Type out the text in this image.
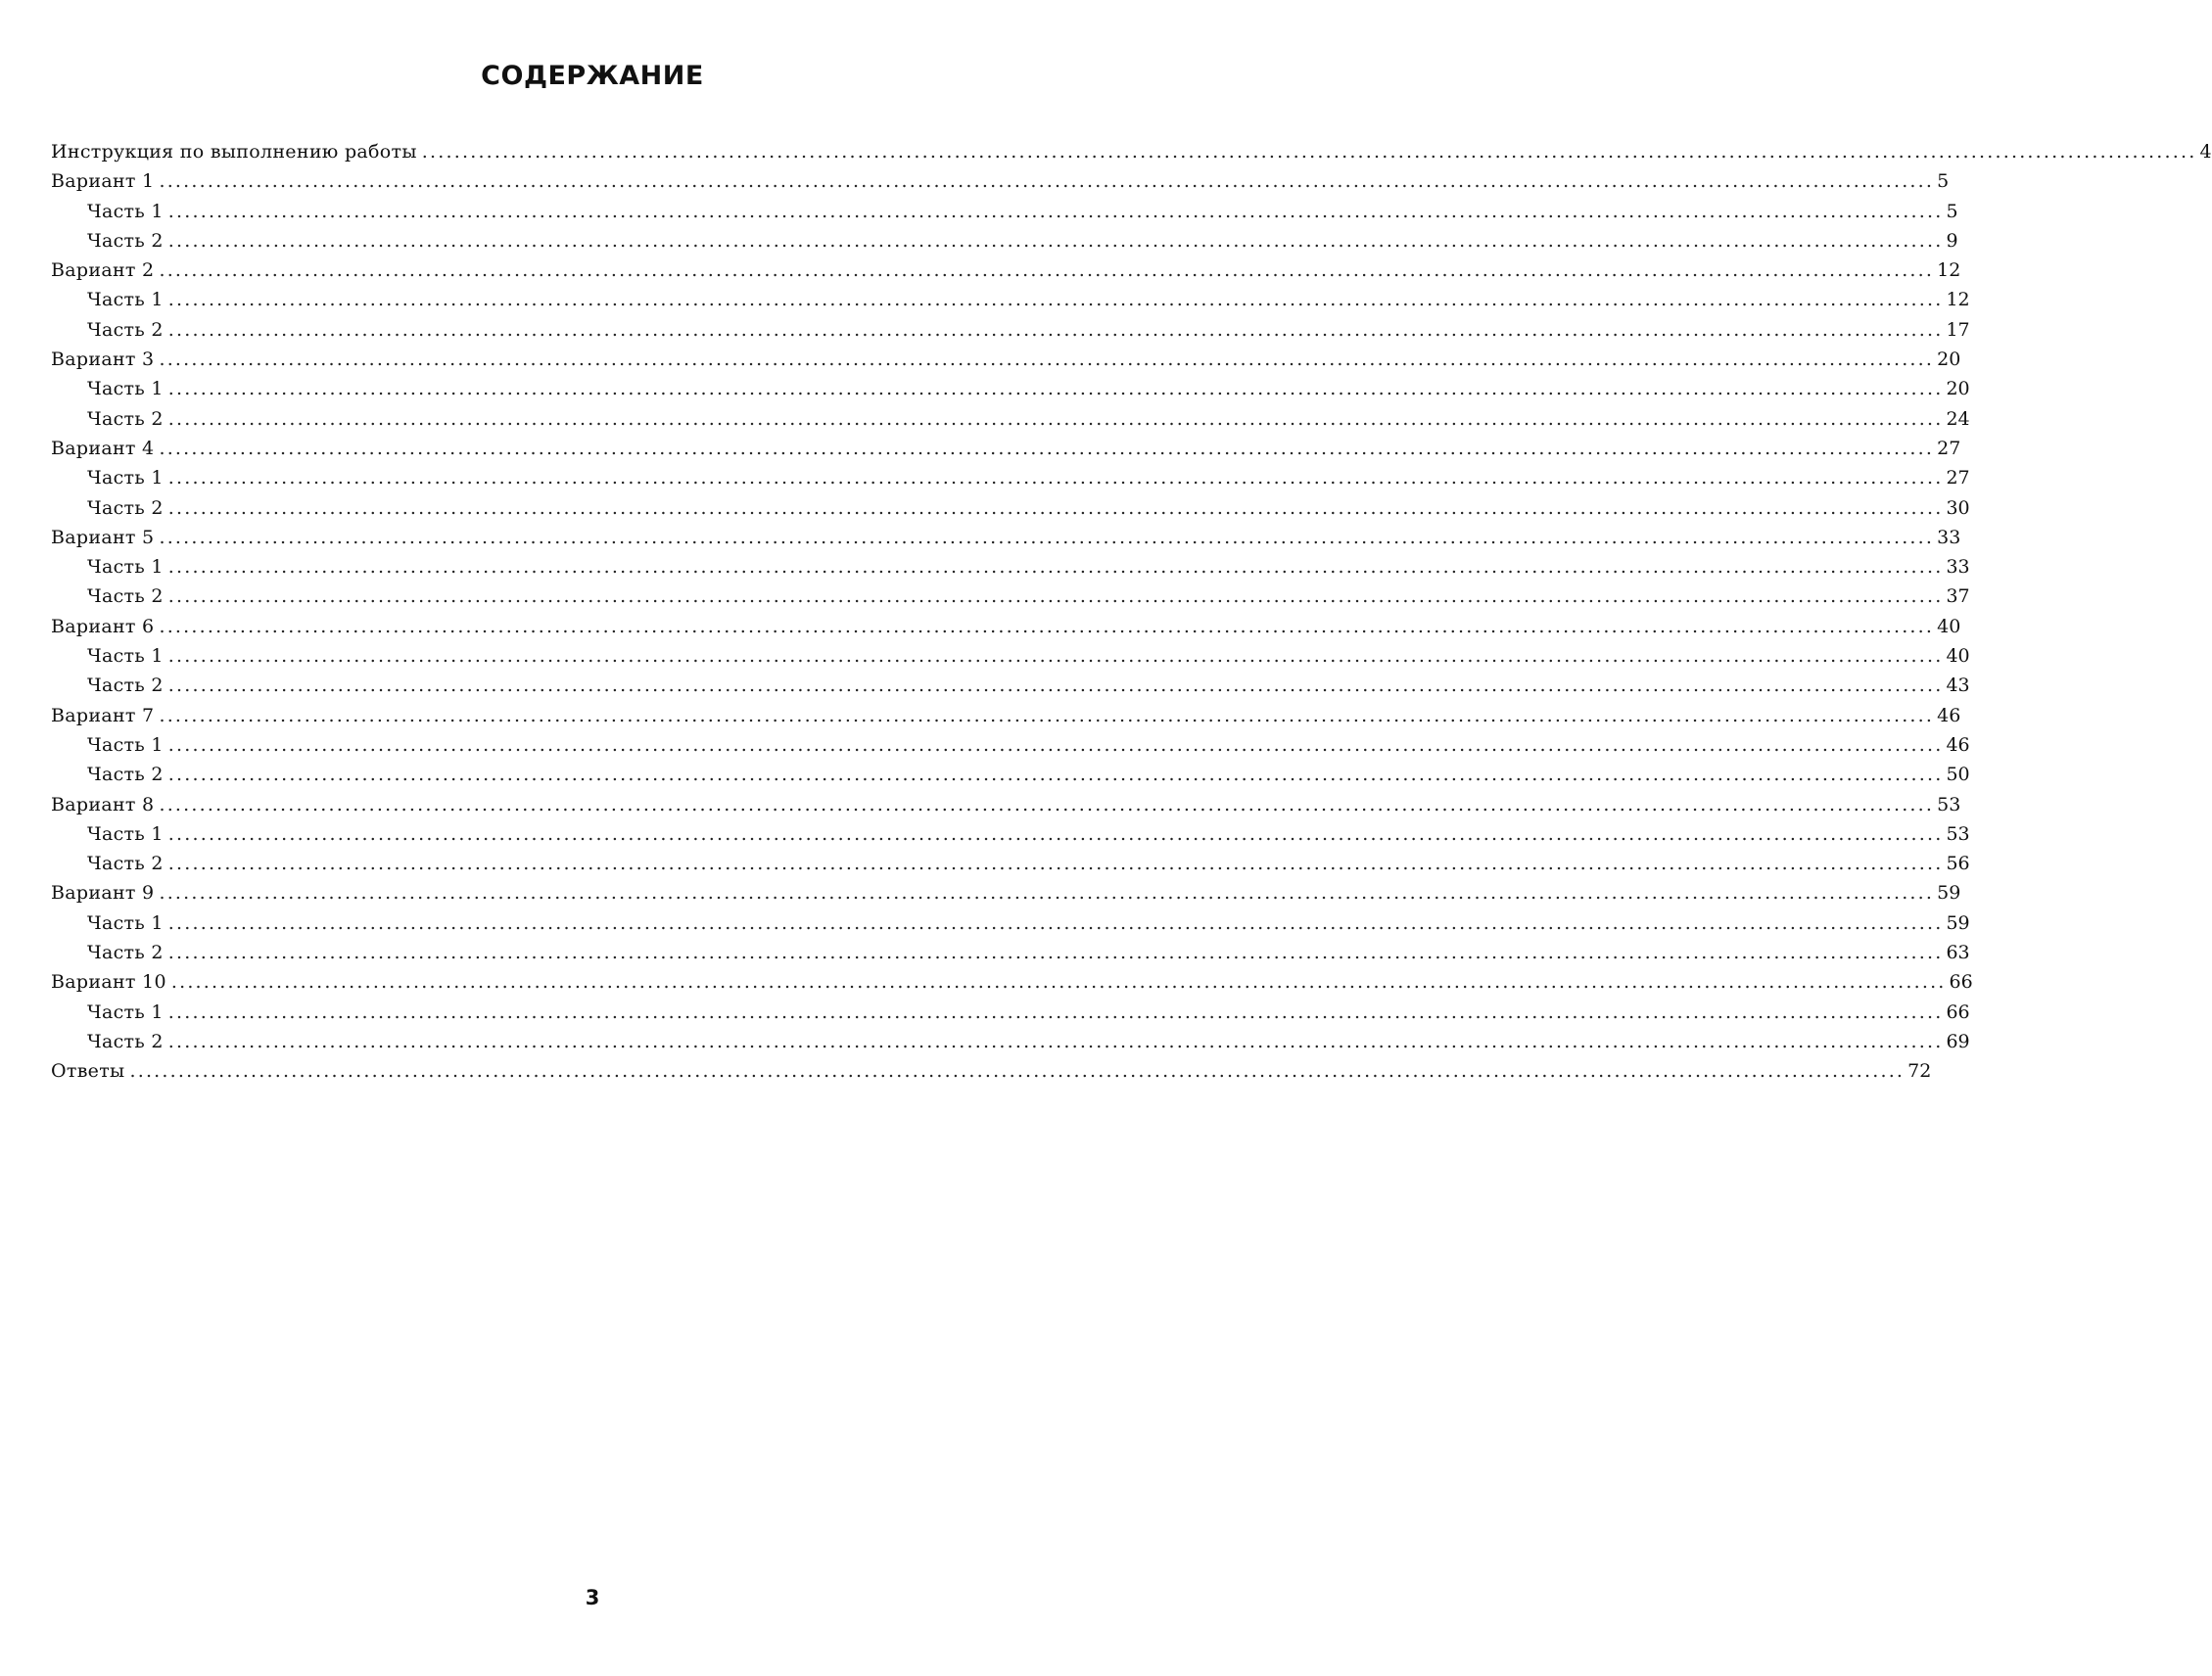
СОДЕРЖАНИЕ
Инструкция по выполнению работы ............................................................................................................................................................................................................................ 4
Вариант 1 ............................................................................................................................................................................................................................ 5
Часть 1 ............................................................................................................................................................................................................................ 5
Часть 2 ............................................................................................................................................................................................................................ 9
Вариант 2 ............................................................................................................................................................................................................................ 12
Часть 1 ............................................................................................................................................................................................................................ 12
Часть 2 ............................................................................................................................................................................................................................ 17
Вариант 3 ............................................................................................................................................................................................................................ 20
Часть 1 ............................................................................................................................................................................................................................ 20
Часть 2 ............................................................................................................................................................................................................................ 24
Вариант 4 ............................................................................................................................................................................................................................ 27
Часть 1 ............................................................................................................................................................................................................................ 27
Часть 2 ............................................................................................................................................................................................................................ 30
Вариант 5 ............................................................................................................................................................................................................................ 33
Часть 1 ............................................................................................................................................................................................................................ 33
Часть 2 ............................................................................................................................................................................................................................ 37
Вариант 6 ............................................................................................................................................................................................................................ 40
Часть 1 ............................................................................................................................................................................................................................ 40
Часть 2 ............................................................................................................................................................................................................................ 43
Вариант 7 ............................................................................................................................................................................................................................ 46
Часть 1 ............................................................................................................................................................................................................................ 46
Часть 2 ............................................................................................................................................................................................................................ 50
Вариант 8 ............................................................................................................................................................................................................................ 53
Часть 1 ............................................................................................................................................................................................................................ 53
Часть 2 ............................................................................................................................................................................................................................ 56
Вариант 9 ............................................................................................................................................................................................................................ 59
Часть 1 ............................................................................................................................................................................................................................ 59
Часть 2 ............................................................................................................................................................................................................................ 63
Вариант 10 ............................................................................................................................................................................................................................ 66
Часть 1 ............................................................................................................................................................................................................................ 66
Часть 2 ............................................................................................................................................................................................................................ 69
Ответы ............................................................................................................................................................................................................................ 72
3
